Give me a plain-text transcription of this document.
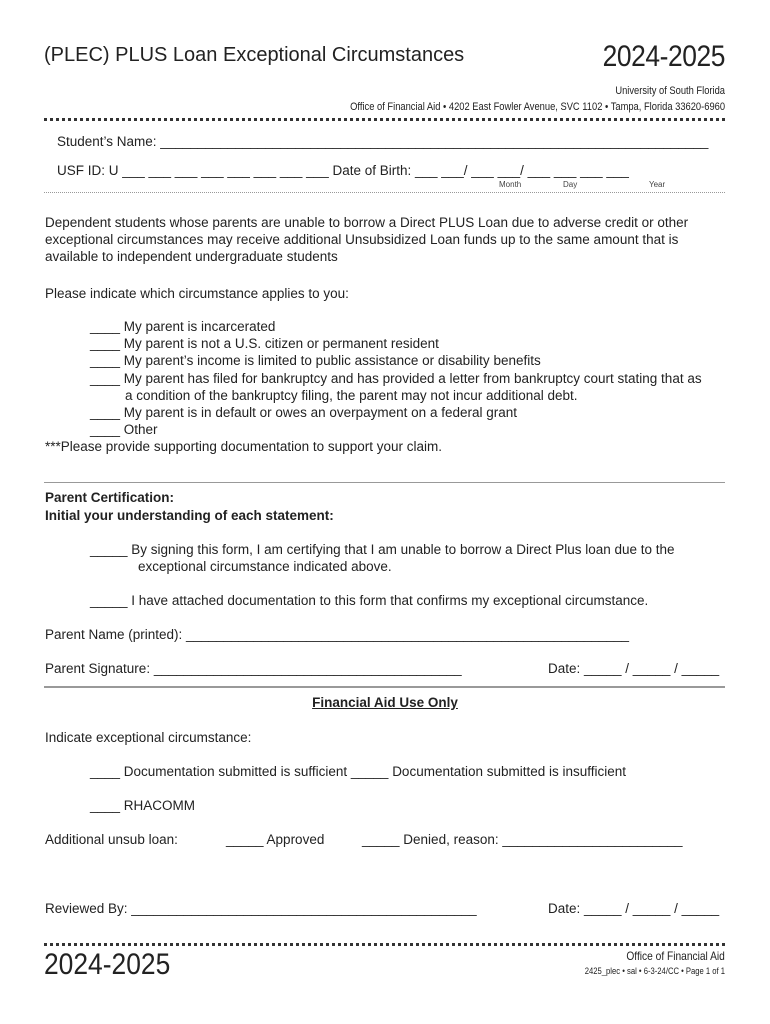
(PLEC) PLUS Loan Exceptional Circumstances	2024-2025
University of South Florida
Office of Financial Aid • 4202 East Fowler Avenue, SVC 1102 • Tampa, Florida 33620-6960
Student’s Name: _________________________________________________________________________
USF ID: U ___ ___ ___ ___ ___ ___ ___ ___ Date of Birth: ___ ___/ ___ ___/ ___ ___ ___ ___
Month	Day	Year
Dependent students whose parents are unable to borrow a Direct PLUS Loan due to adverse credit or other exceptional circumstances may receive additional Unsubsidized Loan funds up to the same amount that is available to independent undergraduate students
Please indicate which circumstance applies to you:
____ My parent is incarcerated
____ My parent is not a U.S. citizen or permanent resident
____ My parent’s income is limited to public assistance or disability benefits
____ My parent has filed for bankruptcy and has provided a letter from bankruptcy court stating that as
a condition of the bankruptcy filing, the parent may not incur additional debt.
____ My parent is in default or owes an overpayment on a federal grant
____ Other
***Please provide supporting documentation to support your claim.
Parent Certification:
Initial your understanding of each statement:
_____ By signing this form, I am certifying that I am unable to borrow a Direct Plus loan due to the
exceptional circumstance indicated above.
_____ I have attached documentation to this form that confirms my exceptional circumstance.
Parent Name (printed): ___________________________________________________________
Parent Signature: _________________________________________	Date: _____ / _____ / _____
Financial Aid Use Only
Indicate exceptional circumstance:
____ Documentation submitted is sufficient _____ Documentation submitted is insufficient
____ RHACOMM
Additional unsub loan:	_____ Approved	_____ Denied, reason: ________________________
Reviewed By: ______________________________________________	Date: _____ / _____ / _____
2024-2025	Office of Financial Aid
2425_plec • sal • 6-3-24/CC • Page 1 of 1
